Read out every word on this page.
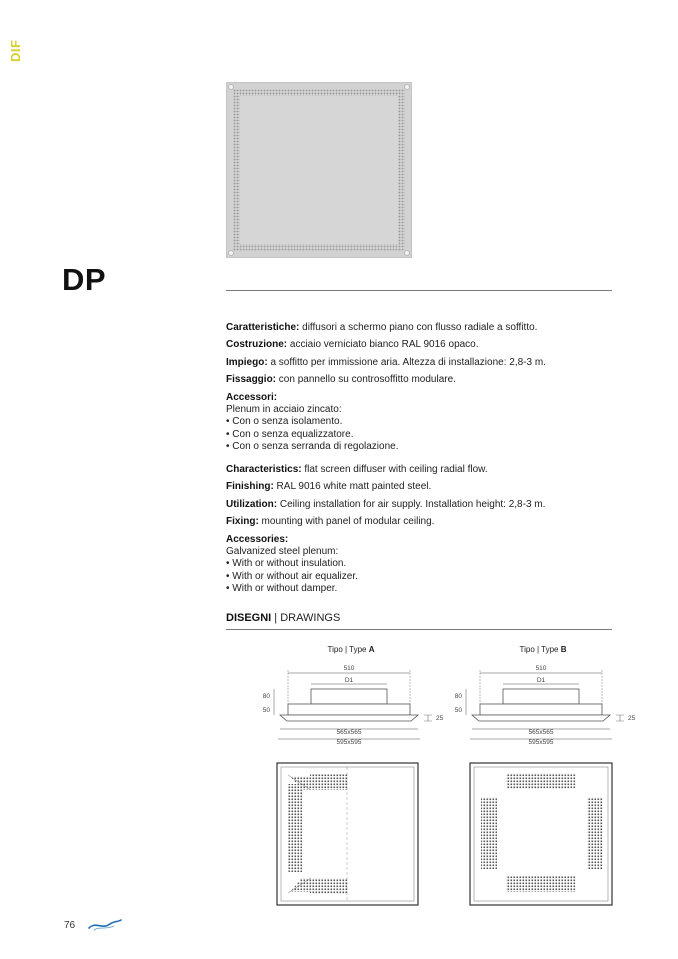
DIF
DP

Caratteristiche: diffusori a schermo piano con flusso radiale a soffitto.

Costruzione: acciaio verniciato bianco RAL 9016 opaco.

Impiego: a soffitto per immissione aria. Altezza di installazione: 2,8-3 m.

Fissaggio: con pannello su controsoffitto modulare.

Accessori:

Plenum in acciaio zincato:

• Con o senza isolamento.

• Con o senza equalizzatore.

• Con o senza serranda di regolazione.

Characteristics: flat screen diffuser with ceiling radial flow.

Finishing: RAL 9016 white matt painted steel.

Utilization: Ceiling installation for air supply. Installation height: 2,8-3 m.

Fixing: mounting with panel of modular ceiling.

Accessories:

Galvanized steel plenum:

• With or without insulation.

• With or without air equalizer.

• With or without damper.

DISEGNI | DRAWINGS
Tipo | Type A
510
D1
80
50
25
565x565
595x595
Tipo | Type B
510
D1
80
50
25
565x565
595x595
76
